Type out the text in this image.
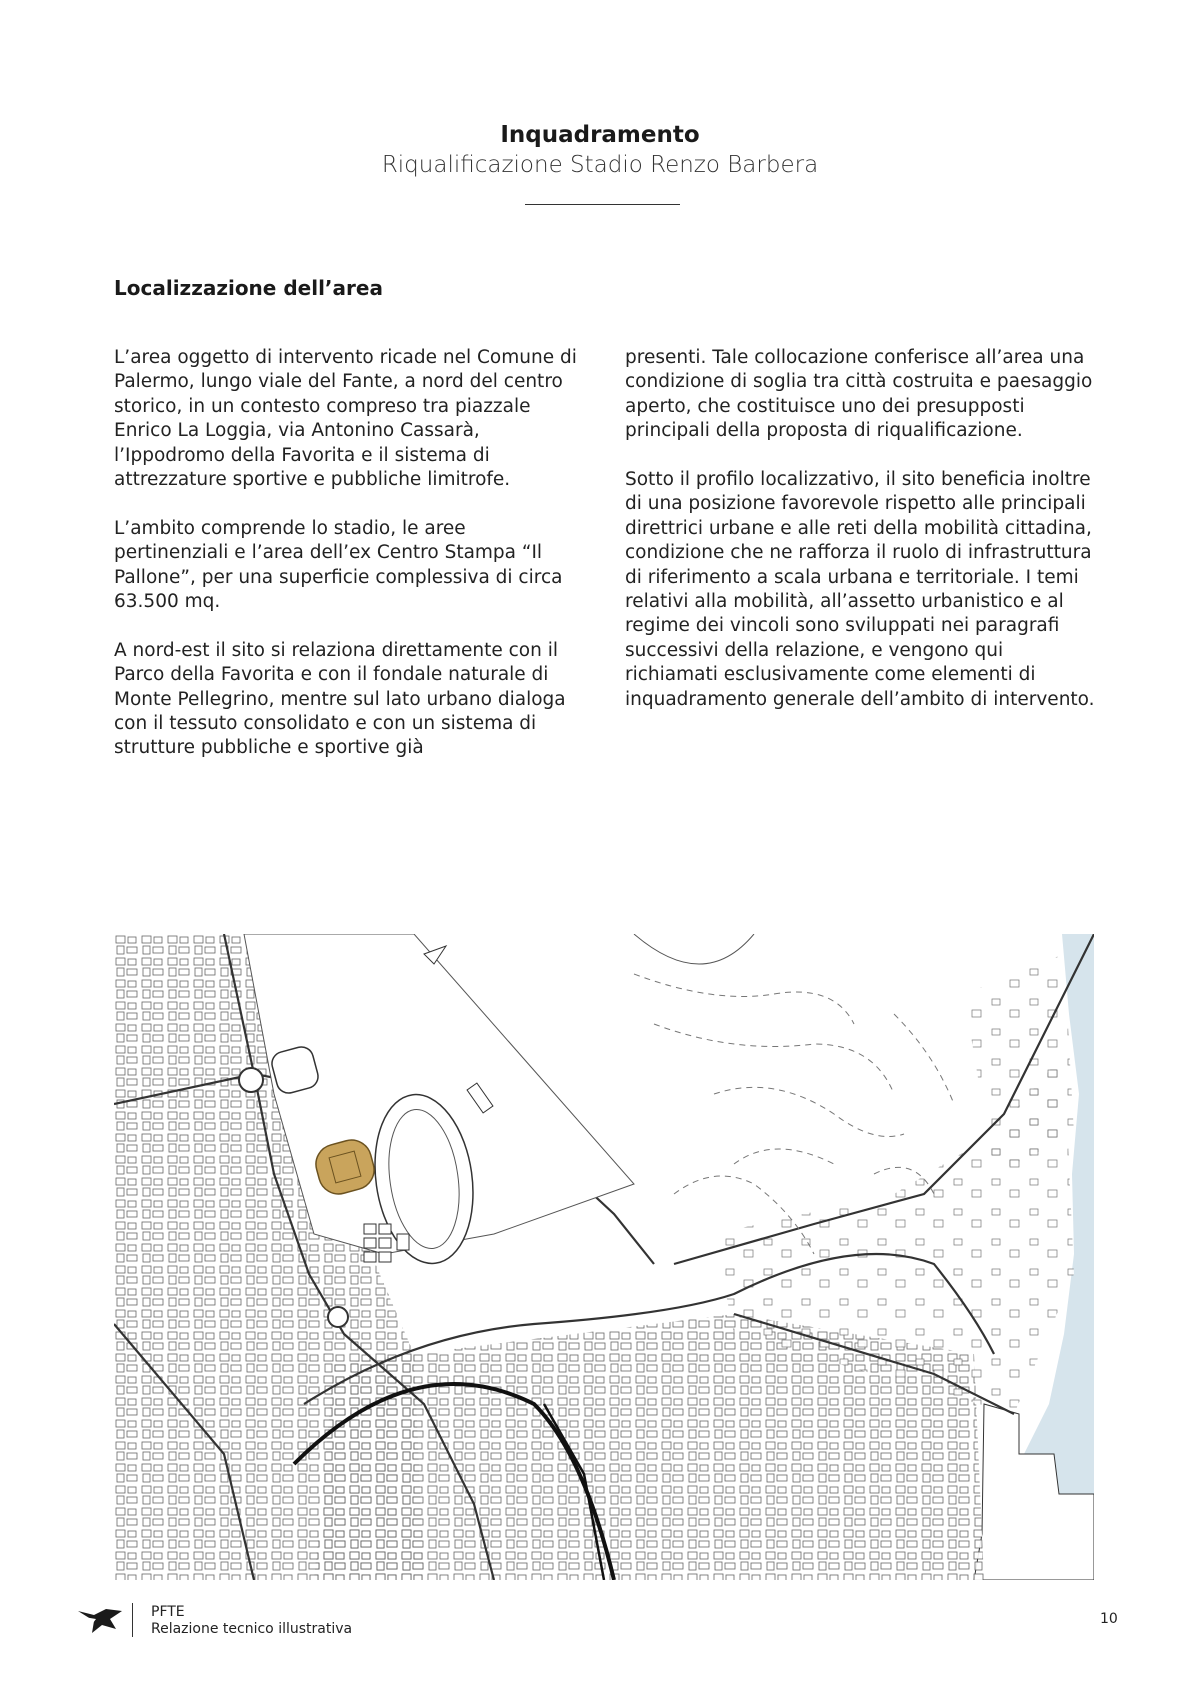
Inquadramento
Riqualificazione Stadio Renzo Barbera
Localizzazione dell’area

L’area oggetto di intervento ricade nel Comune di Palermo, lungo viale del Fante, a nord del centro storico, in un contesto compreso tra piazzale Enrico La Loggia, via Antonino Cassarà, l’Ippodromo della Favorita e il sistema di attrezzature sportive e pubbliche limitrofe.

L’ambito comprende lo stadio, le aree pertinenziali e l’area dell’ex Centro Stampa “Il Pallone”, per una superficie complessiva di circa 63.500 mq.

A nord-est il sito si relaziona direttamente con il Parco della Favorita e con il fondale naturale di Monte Pellegrino, mentre sul lato urbano dialoga con il tessuto consolidato e con un sistema di strutture pubbliche e sportive già

presenti. Tale collocazione conferisce all’area una condizione di soglia tra città costruita e paesaggio aperto, che costituisce uno dei presupposti principali della proposta di riqualificazione.

Sotto il profilo localizzativo, il sito beneficia inoltre di una posizione favorevole rispetto alle principali direttrici urbane e alle reti della mobilità cittadina, condizione che ne rafforza il ruolo di infrastruttura di riferimento a scala urbana e territoriale. I temi relativi alla mobilità, all’assetto urbanistico e al regime dei vincoli sono sviluppati nei paragrafi successivi della relazione, e vengono qui richiamati esclusivamente come elementi di inquadramento generale dell’ambito di intervento.

PFTE
Relazione tecnico illustrativa
10
